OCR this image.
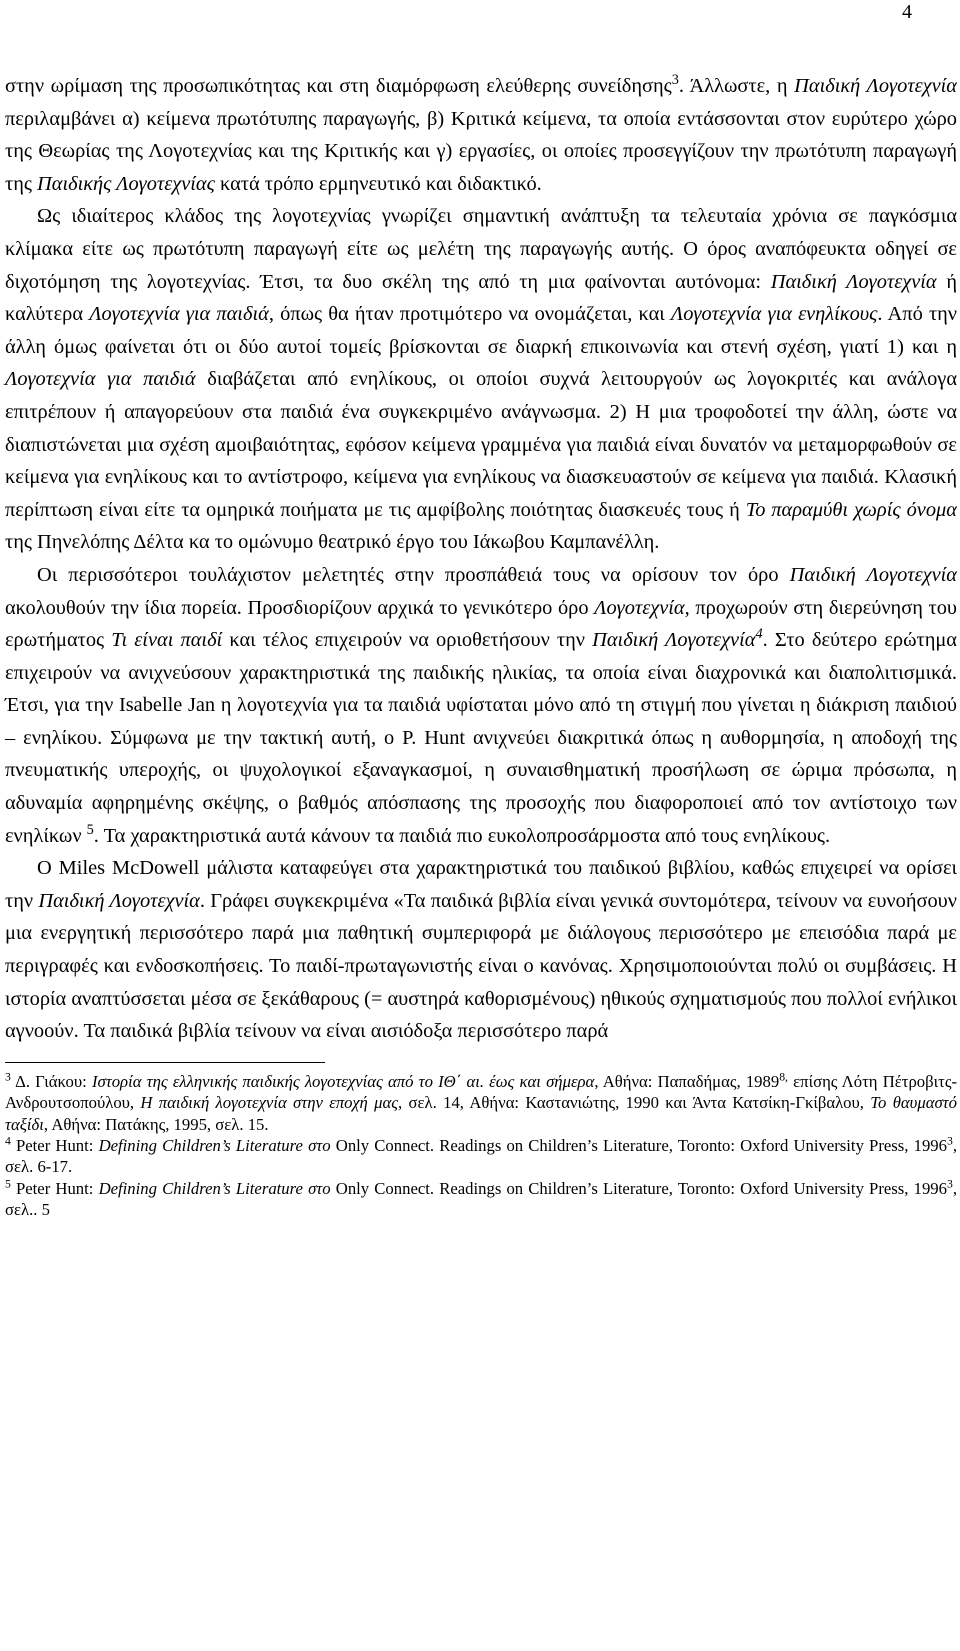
4

στην ωρίμαση της προσωπικότητας και στη διαμόρφωση ελεύθερης συνείδησης$^3$. Άλλωστε, η Παιδική Λογοτεχνία περιλαμβάνει α) κείμενα πρωτότυπης παραγωγής, β) Κριτικά κείμενα, τα οποία εντάσσονται στον ευρύτερο χώρο της Θεωρίας της Λογοτεχνίας και της Κριτικής και γ) εργασίες, οι οποίες προσεγγίζουν την πρωτότυπη παραγωγή της Παιδικής Λογοτεχνίας κατά τρόπο ερμηνευτικό και διδακτικό.

Ως ιδιαίτερος κλάδος της λογοτεχνίας γνωρίζει σημαντική ανάπτυξη τα τελευταία χρόνια σε παγκόσμια κλίμακα είτε ως πρωτότυπη παραγωγή είτε ως μελέτη της παραγωγής αυτής. Ο όρος αναπόφευκτα οδηγεί σε διχοτόμηση της λογοτεχνίας. Έτσι, τα δυο σκέλη της από τη μια φαίνονται αυτόνομα: Παιδική Λογοτεχνία ή καλύτερα Λογοτεχνία για παιδιά, όπως θα ήταν προτιμότερο να ονομάζεται, και Λογοτεχνία για ενηλίκους. Από την άλλη όμως φαίνεται ότι οι δύο αυτοί τομείς βρίσκονται σε διαρκή επικοινωνία και στενή σχέση, γιατί 1) και η Λογοτεχνία για παιδιά διαβάζεται από ενηλίκους, οι οποίοι συχνά λειτουργούν ως λογοκριτές και ανάλογα επιτρέπουν ή απαγορεύουν στα παιδιά ένα συγκεκριμένο ανάγνωσμα. 2) Η μια τροφοδοτεί την άλλη, ώστε να διαπιστώνεται μια σχέση αμοιβαιότητας, εφόσον κείμενα γραμμένα για παιδιά είναι δυνατόν να μεταμορφωθούν σε κείμενα για ενηλίκους και το αντίστροφο, κείμενα για ενηλίκους να διασκευαστούν σε κείμενα για παιδιά. Κλασική περίπτωση είναι είτε τα ομηρικά ποιήματα με τις αμφίβολης ποιότητας διασκευές τους ή Το παραμύθι χωρίς όνομα της Πηνελόπης Δέλτα κα το ομώνυμο θεατρικό έργο του Ιάκωβου Καμπανέλλη.

Οι περισσότεροι τουλάχιστον μελετητές στην προσπάθειά τους να ορίσουν τον όρο Παιδική Λογοτεχνία ακολουθούν την ίδια πορεία. Προσδιορίζουν αρχικά το γενικότερο όρο Λογοτεχνία, προχωρούν στη διερεύνηση του ερωτήματος Τι είναι παιδί και τέλος επιχειρούν να οριοθετήσουν την Παιδική Λογοτεχνία$^4$. Στο δεύτερο ερώτημα επιχειρούν να ανιχνεύσουν χαρακτηριστικά της παιδικής ηλικίας, τα οποία είναι διαχρονικά και διαπολιτισμικά. Έτσι, για την Isabelle Jan η λογοτεχνία για τα παιδιά υφίσταται μόνο από τη στιγμή που γίνεται η διάκριση παιδιού – ενηλίκου. Σύμφωνα με την τακτική αυτή, ο P. Hunt ανιχνεύει διακριτικά όπως η αυθορμησία, η αποδοχή της πνευματικής υπεροχής, οι ψυχολογικοί εξαναγκασμοί, η συναισθηματική προσήλωση σε ώριμα πρόσωπα, η αδυναμία αφηρημένης σκέψης, ο βαθμός απόσπασης της προσοχής που διαφοροποιεί από τον αντίστοιχο των ενηλίκων $^5$. Τα χαρακτηριστικά αυτά κάνουν τα παιδιά πιο ευκολοπροσάρμοστα από τους ενηλίκους.

Ο Miles McDowell μάλιστα καταφεύγει στα χαρακτηριστικά του παιδικού βιβλίου, καθώς επιχειρεί να ορίσει την Παιδική Λογοτεχνία. Γράφει συγκεκριμένα «Τα παιδικά βιβλία είναι γενικά συντομότερα, τείνουν να ευνοήσουν μια ενεργητική περισσότερο παρά μια παθητική συμπεριφορά με διάλογους περισσότερο με επεισόδια παρά με περιγραφές και ενδοσκοπήσεις. Το παιδί-πρωταγωνιστής είναι ο κανόνας. Χρησιμοποιούνται πολύ οι συμβάσεις. Η ιστορία αναπτύσσεται μέσα σε ξεκάθαρους (= αυστηρά καθορισμένους) ηθικούς σχηματισμούς που πολλοί ενήλικοι αγνοούν. Τα παιδικά βιβλία τείνουν να είναι αισιόδοξα περισσότερο παρά

$^3$ Δ. Γιάκου: Ιστορία της ελληνικής παιδικής λογοτεχνίας από το ΙΘ΄ αι. έως και σήμερα, Αθήνα: Παπαδήμας, $1989^{8,}$ επίσης Λότη Πέτροβιτς-Ανδρουτσοπούλου, Η παιδική λογοτεχνία στην εποχή μας, σελ. 14, Αθήνα: Καστανιώτης, 1990 και Άντα Κατσίκη-Γκίβαλου, Το θαυμαστό ταξίδι, Αθήνα: Πατάκης, 1995, σελ. 15.

$^4$ Peter Hunt: Defining Children’s Literature στο Only Connect. Readings on Children’s Literature, Toronto: Oxford University Press, 1996$^3$, σελ. 6-17.

$^5$ Peter Hunt: Defining Children’s Literature στο Only Connect. Readings on Children’s Literature, Toronto: Oxford University Press, 1996$^3$, σελ.. 5
